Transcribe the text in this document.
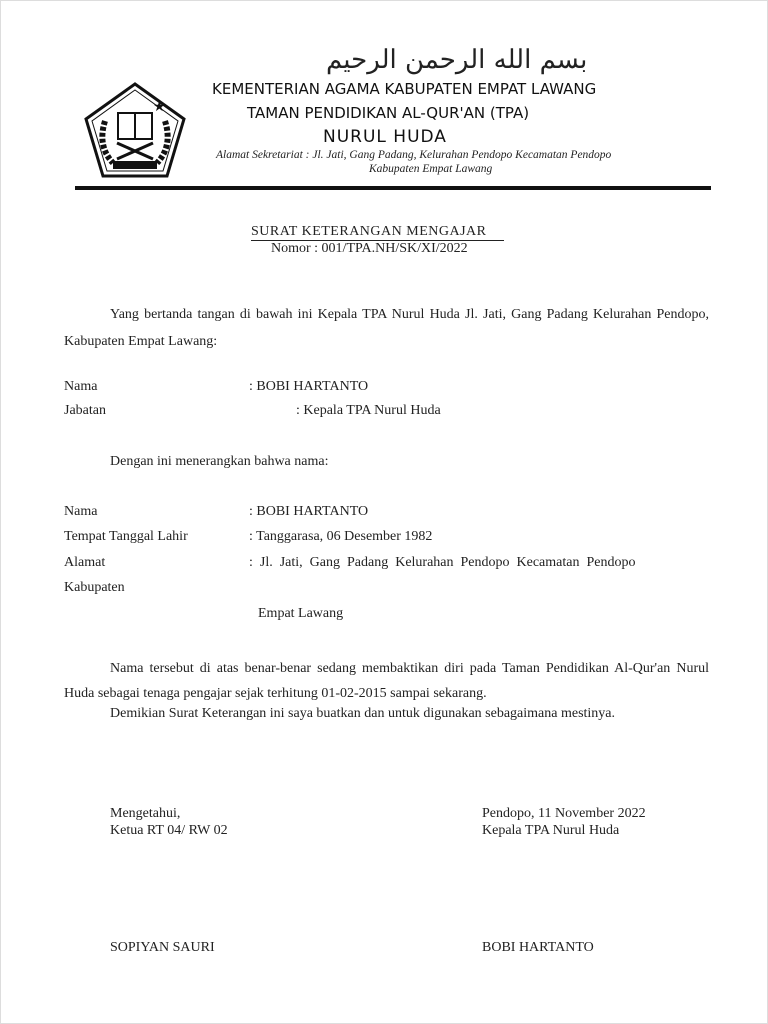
★
بسم الله الرحمن الرحيم
KEMENTERIAN AGAMA KABUPATEN EMPAT LAWANG
TAMAN PENDIDIKAN AL-QUR'AN (TPA)
NURUL HUDA
Alamat Sekretariat : Jl. Jati, Gang Padang, Kelurahan Pendopo Kecamatan Pendopo
Kabupaten Empat Lawang
SURAT KETERANGAN MENGAJAR
Nomor : 001/TPA.NH/SK/XI/2022
Yang bertanda tangan di bawah ini Kepala TPA Nurul Huda Jl. Jati, Gang Padang Kelurahan Pendopo, Kabupaten Empat Lawang:
Nama	: BOBI HARTANTO
Jabatan	: Kepala TPA Nurul Huda
Dengan ini menerangkan bahwa nama:
Nama	: BOBI HARTANTO
Tempat Tanggal Lahir	: Tanggarasa, 06 Desember 1982
Alamat	:  Jl.  Jati,  Gang  Padang  Kelurahan  Pendopo  Kecamatan  Pendopo
Kabupaten
Empat Lawang
Nama tersebut di atas benar-benar sedang membaktikan diri pada Taman Pendidikan Al-Qur'an Nurul Huda sebagai tenaga pengajar sejak terhitung 01-02-2015 sampai sekarang.
Demikian Surat Keterangan ini saya buatkan dan untuk digunakan sebagaimana mestinya.
Mengetahui,
Ketua RT 04/ RW 02
SOPIYAN SAURI
Pendopo, 11 November 2022
Kepala TPA Nurul Huda
BOBI HARTANTO
